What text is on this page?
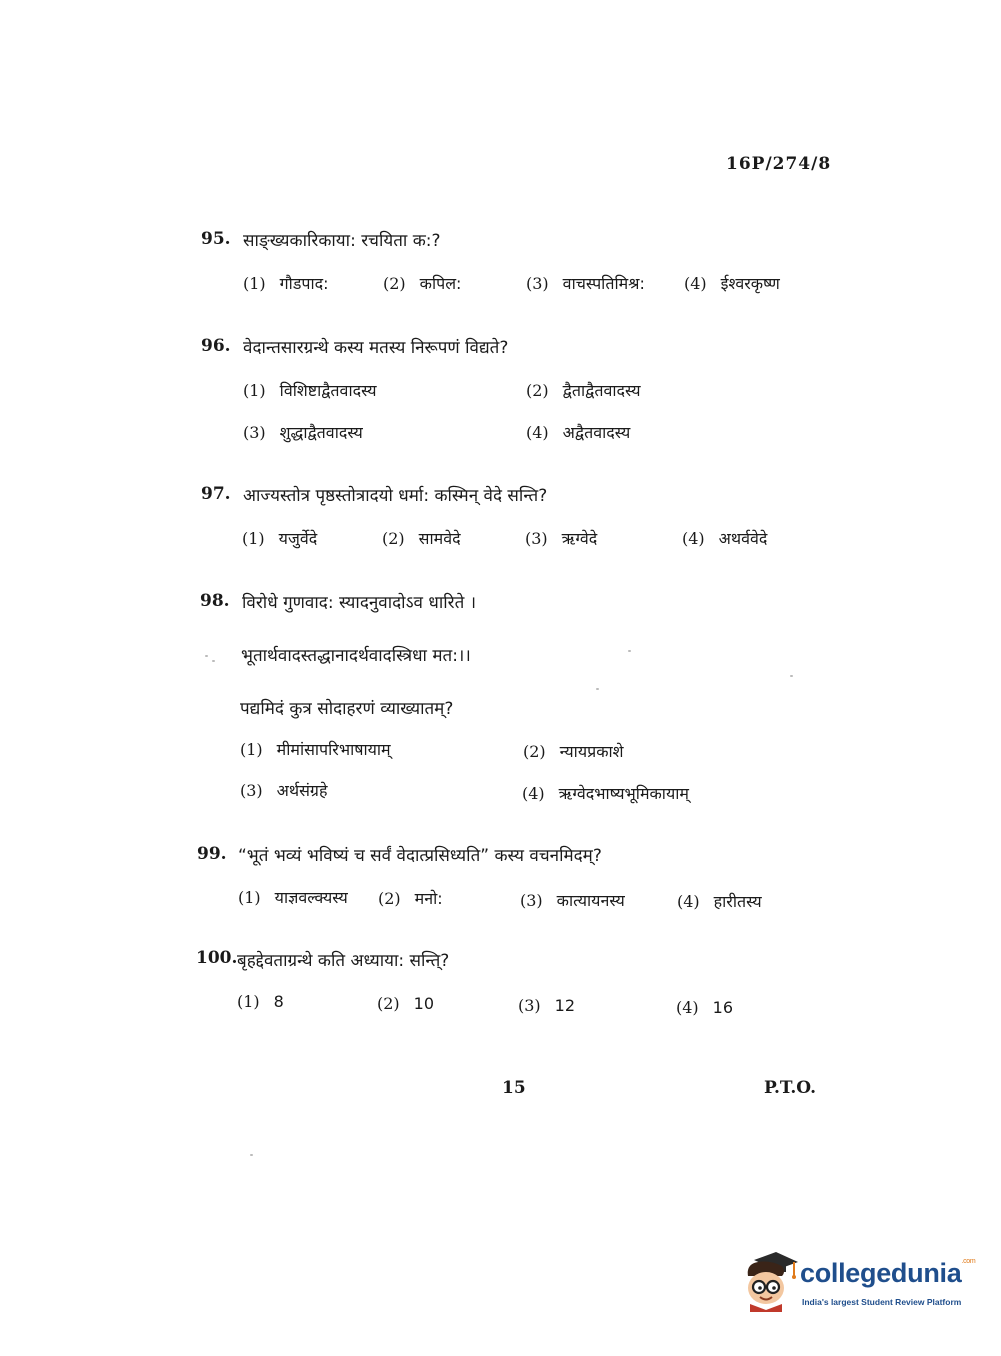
16P/274/8
95. साङ्ख्यकारिकाया: रचयिता क:?
(1) गौडपाद:	(2) कपिल:	(3) वाचस्पतिमिश्र: (4) ईश्वरकृष्ण
96. वेदान्तसारग्रन्थे कस्य मतस्य निरूपणं विद्यते?
(1) विशिष्टाद्वैतवादस्य	(2) द्वैताद्वैतवादस्य
(3) शुद्धाद्वैतवादस्य	(4) अद्वैतवादस्य
97. आज्यस्तोत्र पृष्ठस्तोत्रादयो धर्मा: कस्मिन् वेदे सन्ति?
(1) यजुर्वेदे	(2) सामवेदे	(3) ऋग्वेदे	(4) अथर्ववेदे
98. विरोधे गुणवाद: स्यादनुवादोऽव धारिते ।
भूतार्थवादस्तद्धानादर्थवादस्त्रिधा मत:।।
पद्यमिदं कुत्र सोदाहरणं व्याख्यातम्?
(1) मीमांसापरिभाषायाम्	(2) न्यायप्रकाशे
(3) अर्थसंग्रहे	(4) ऋग्वेदभाष्यभूमिकायाम्
99. “भूतं भव्यं भविष्यं च सर्वं वेदात्प्रसिध्यति” कस्य वचनमिदम्?
(1) याज्ञवल्क्यस्य (2) मनो:	(3) कात्यायनस्य	(4) हारीतस्य
100. बृहद्देवताग्रन्थे कति अध्याया: सन्ति्?
(1) 8	(2) 10	(3) 12	(4) 16
15	P.T.O.
collegedunia$^{.com}$
India's largest Student Review Platform
